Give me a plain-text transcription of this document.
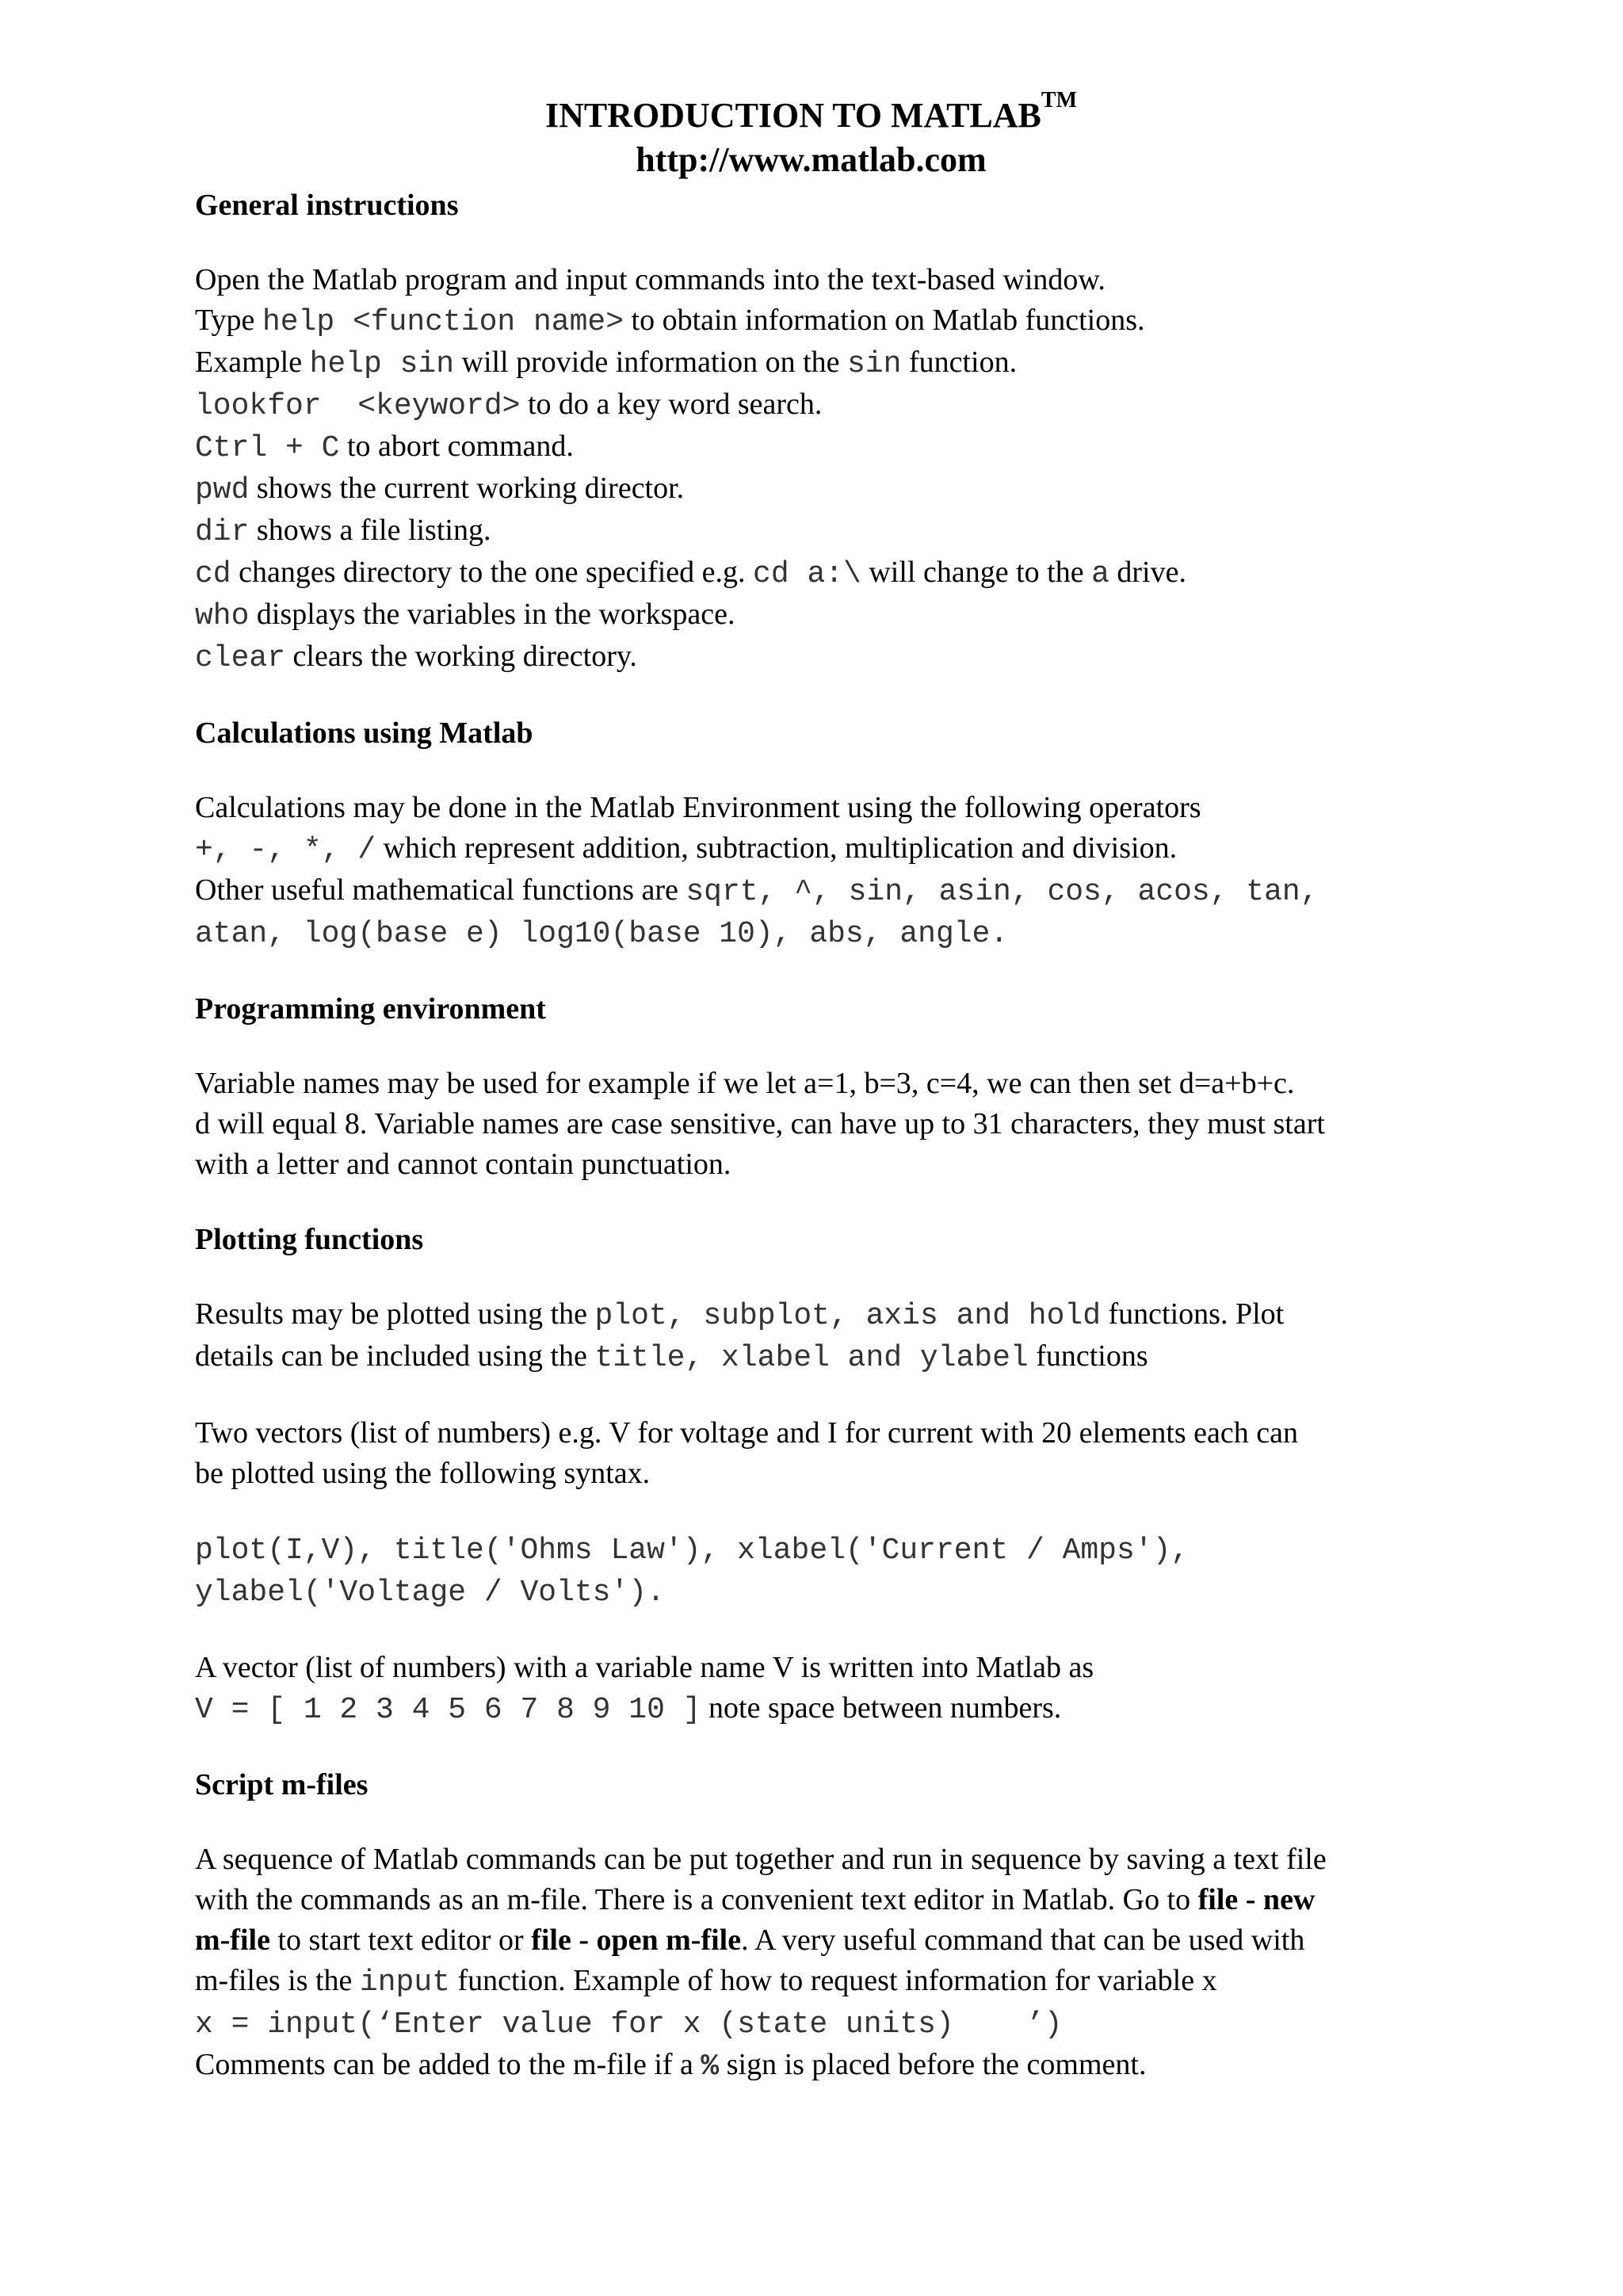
INTRODUCTION TO MATLAB™

http://www.matlab.com

General instructions

Open the Matlab program and input commands into the text-based window.

Type help <function name> to obtain information on Matlab functions.

Example help sin will provide information on the sin function.

lookfor  <keyword> to do a key word search.

Ctrl + C to abort command.

pwd shows the current working director.

dir shows a file listing.

cd changes directory to the one specified e.g. cd a:\ will change to the a drive.

who displays the variables in the workspace.

clear clears the working directory.

Calculations using Matlab

Calculations may be done in the Matlab Environment using the following operators

+, -, *, / which represent addition, subtraction, multiplication and division.

Other useful mathematical functions are sqrt, ^, sin, asin, cos, acos, tan,

atan, log(base e) log10(base 10), abs, angle.

Programming environment

Variable names may be used for example if we let a=1, b=3, c=4, we can then set d=a+b+c.

d will equal 8. Variable names are case sensitive, can have up to 31 characters, they must start

with a letter and cannot contain punctuation.

Plotting functions

Results may be plotted using the plot, subplot, axis and hold functions. Plot

details can be included using the title, xlabel and ylabel functions

Two vectors (list of numbers) e.g. V for voltage and I for current with 20 elements each can

be plotted using the following syntax.

plot(I,V), title('Ohms Law'), xlabel('Current / Amps'),

ylabel('Voltage / Volts').

A vector (list of numbers) with a variable name V is written into Matlab as

V = [ 1 2 3 4 5 6 7 8 9 10 ] note space between numbers.

Script m-files

A sequence of Matlab commands can be put together and run in sequence by saving a text file

with the commands as an m-file. There is a convenient text editor in Matlab. Go to file - new

m-file to start text editor or file - open m-file. A very useful command that can be used with

m-files is the input function. Example of how to request information for variable x

x = input(‘Enter value for x (state units)    ’)

Comments can be added to the m-file if a % sign is placed before the comment.
